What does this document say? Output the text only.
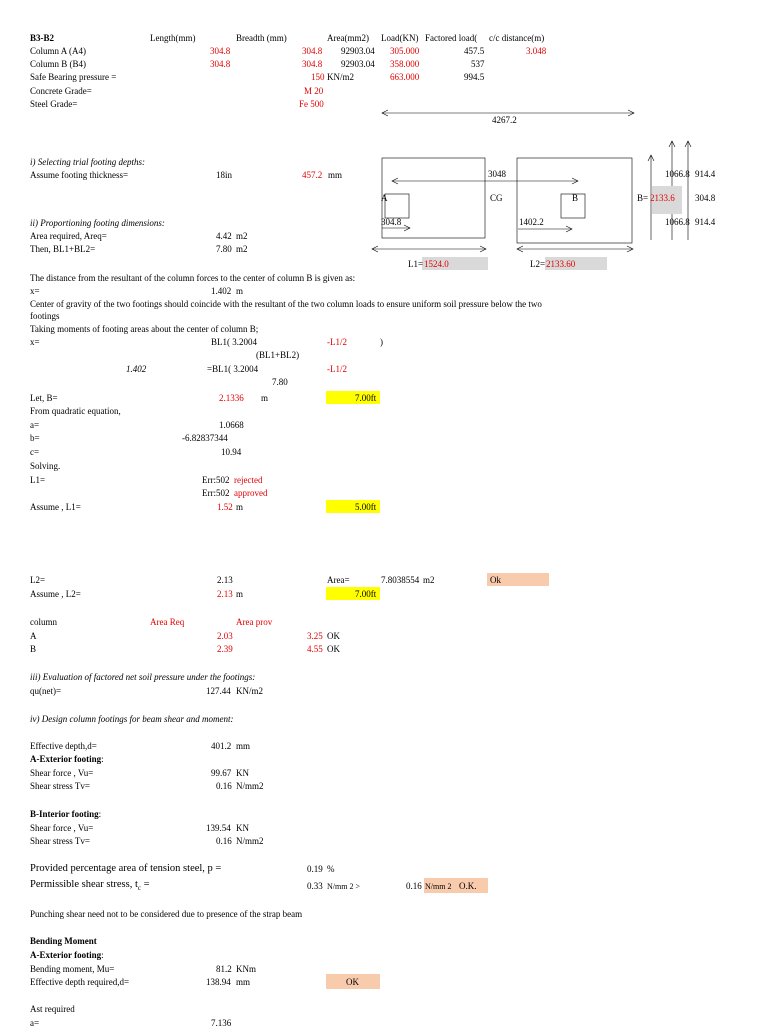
B3-B2	Length(mm)	Breadth (mm)	Area(mm2) Load(KN) Factored load( c/c distance(m)
Column A (A4)	304.8	304.8 92903.04 305.000	457.5	3.048
Column B (B4)	304.8	304.8 92903.04 358.000	537
Safe Bearing pressure =	150 KN/m2	663.000	994.5
Concrete Grade=	M 20
Steel Grade=	Fe 500
4267.2
3048
A	CG	B	B= 2133.6
1066.8 914.4
304.8
1066.8 914.4
304.8	1402.2
L1= 1524.0	L2= 2133.60
i) Selecting trial footing depths:
Assume footing thickness=	18in	457.2 mm
ii) Proportioning footing dimensions:
Area required, Areq=	4.42 m2
Then, BL1+BL2=	7.80 m2
The distance from the resultant of the column forces to the center of column B is given as:
x=	1.402 m
Center of gravity of the two footings should coincide with the resultant of the two column loads to ensure uniform soil pressure below the two
footings
Taking moments of footing areas about the center of column B;
x=	BL1( 3.2004	-L1/2	)
(BL1+BL2)
1.402	=BL1( 3.2004	-L1/2
7.80
Let, B=	2.1336 m	7.00ft
From quadratic equation,
a=	1.0668
b=	-6.82837344
c=	10.94
Solving.
L1=	Err:502 rejected
Err:502 approved
Assume , L1=	1.52 m	5.00ft
L2=	2.13	Area=	7.8038554 m2	Ok
Assume , L2=	2.13 m	7.00ft
column	Area Req	Area prov
A	2.03	3.25 OK
B	2.39	4.55 OK
iii) Evaluation of factored net soil pressure under the footings:
qu(net)=	127.44 KN/m2
iv) Design column footings for beam shear and moment:
Effective depth,d=	401.2 mm
A-Exterior footing:
Shear force , Vu=	99.67 KN
Shear stress Tv=	0.16 N/mm2
B-Interior footing:
Shear force , Vu=	139.54 KN
Shear stress Tv=	0.16 N/mm2
Provided percentage area of tension steel, p =	0.19 %
Permissible shear stress, $t_c$ =	0.33 N/mm 2 >	0.16 N/mm 2 O.K.
Punching shear need not to be considered due to presence of the strap beam
Bending Moment
A-Exterior footing:
Bending moment, Mu=	81.2 KNm
Effective depth required,d=	138.94 mm	OK
Ast required
a=	7.136
